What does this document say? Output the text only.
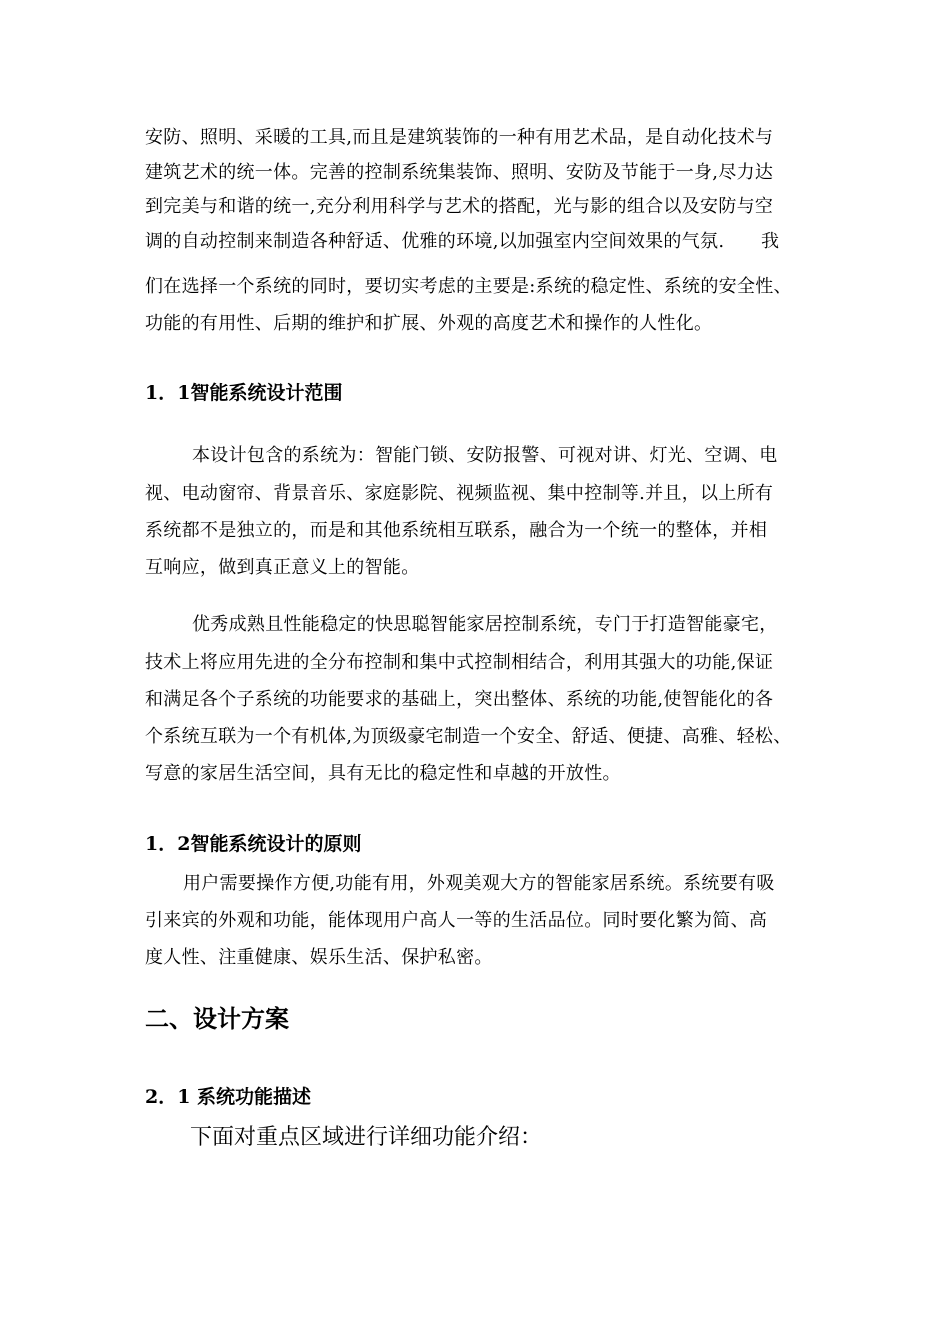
安防、照明、采暖的工具,而且是建筑装饰的一种有用艺术品，是自动化技术与
建筑艺术的统一体。完善的控制系统集装饰、照明、安防及节能于一身,尽力达
到完美与和谐的统一,充分利用科学与艺术的搭配，光与影的组合以及安防与空
调的自动控制来制造各种舒适、优雅的环境,以加强室内空间效果的气氛.　　我
们在选择一个系统的同时，要切实考虑的主要是:系统的稳定性、系统的安全性、
功能的有用性、后期的维护和扩展、外观的高度艺术和操作的人性化。
1．1智能系统设计范围
本设计包含的系统为：智能门锁、安防报警、可视对讲、灯光、空调、电
视、电动窗帘、背景音乐、家庭影院、视频监视、集中控制等.并且，以上所有
系统都不是独立的，而是和其他系统相互联系，融合为一个统一的整体，并相
互响应，做到真正意义上的智能。
优秀成熟且性能稳定的快思聪智能家居控制系统，专门于打造智能豪宅，
技术上将应用先进的全分布控制和集中式控制相结合，利用其强大的功能,保证
和满足各个子系统的功能要求的基础上，突出整体、系统的功能,使智能化的各
个系统互联为一个有机体,为顶级豪宅制造一个安全、舒适、便捷、高雅、轻松、
写意的家居生活空间，具有无比的稳定性和卓越的开放性。
1．2智能系统设计的原则
用户需要操作方便,功能有用，外观美观大方的智能家居系统。系统要有吸
引来宾的外观和功能，能体现用户高人一等的生活品位。同时要化繁为简、高
度人性、注重健康、娱乐生活、保护私密。
二、设计方案
2．1 系统功能描述
下面对重点区域进行详细功能介绍：
